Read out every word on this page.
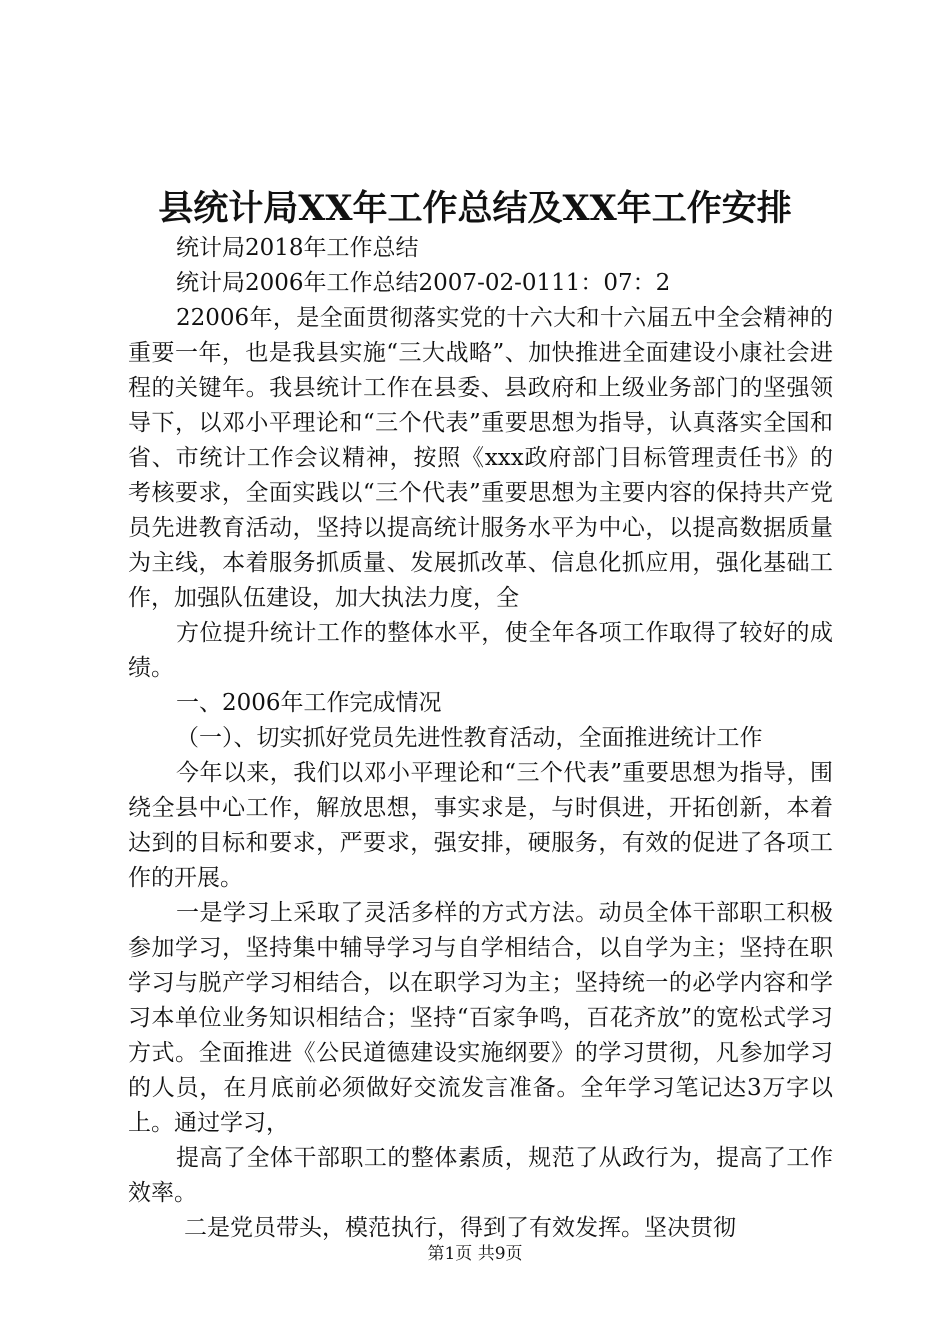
县统计局XX年工作总结及XX年工作安排

统计局2018年工作总结

统计局2006年工作总结2007-02-0111：07：2

22006年，是全面贯彻落实党的十六大和十六届五中全会精神的重要一年，也是我县实施“三大战略”、加快推进全面建设小康社会进程的关键年。我县统计工作在县委、县政府和上级业务部门的坚强领导下，以邓小平理论和“三个代表”重要思想为指导，认真落实全国和省、市统计工作会议精神，按照《xxx政府部门目标管理责任书》的考核要求，全面实践以“三个代表”重要思想为主要内容的保持共产党员先进教育活动，坚持以提高统计服务水平为中心，以提高数据质量为主线，本着服务抓质量、发展抓改革、信息化抓应用，强化基础工作，加强队伍建设，加大执法力度，全

方位提升统计工作的整体水平，使全年各项工作取得了较好的成绩。

一、2006年工作完成情况

（一）、切实抓好党员先进性教育活动，全面推进统计工作

今年以来，我们以邓小平理论和“三个代表”重要思想为指导，围绕全县中心工作，解放思想，事实求是，与时俱进，开拓创新，本着达到的目标和要求，严要求，强安排，硬服务，有效的促进了各项工作的开展。

一是学习上采取了灵活多样的方式方法。动员全体干部职工积极参加学习，坚持集中辅导学习与自学相结合，以自学为主；坚持在职学习与脱产学习相结合，以在职学习为主；坚持统一的必学内容和学习本单位业务知识相结合；坚持“百家争鸣，百花齐放”的宽松式学习方式。全面推进《公民道德建设实施纲要》的学习贯彻，凡参加学习的人员，在月底前必须做好交流发言准备。全年学习笔记达3万字以上。通过学习，

提高了全体干部职工的整体素质，规范了从政行为，提高了工作效率。

二是党员带头，模范执行，得到了有效发挥。坚决贯彻

第1页 共9页
